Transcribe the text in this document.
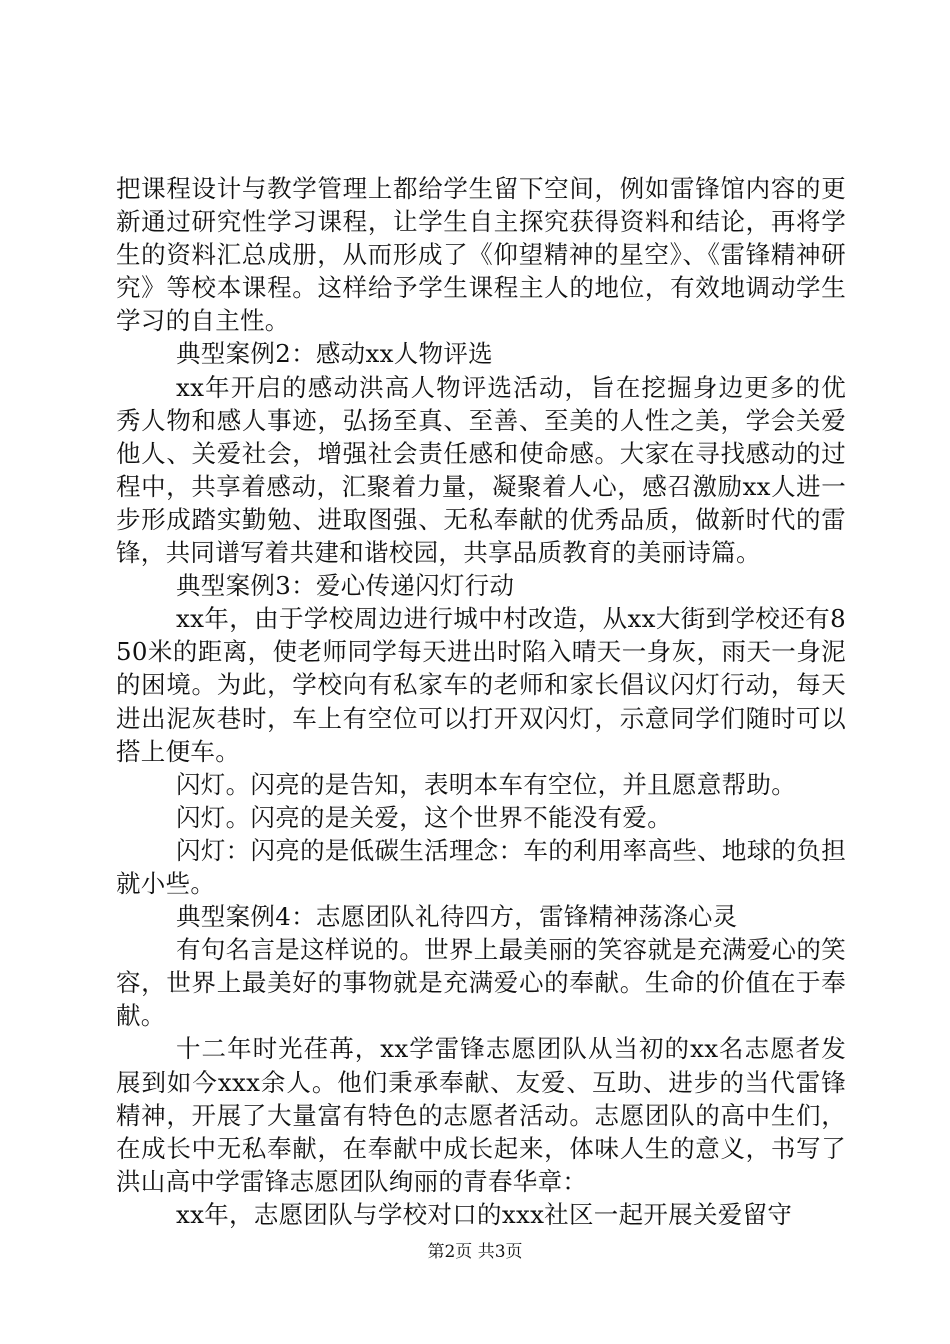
把课程设计与教学管理上都给学生留下空间，例如雷锋馆内容的更新通过研究性学习课程，让学生自主探究获得资料和结论，再将学生的资料汇总成册，从而形成了《仰望精神的星空》、《雷锋精神研究》等校本课程。这样给予学生课程主人的地位，有效地调动学生学习的自主性。

典型案例2：感动xx人物评选

xx年开启的感动洪高人物评选活动，旨在挖掘身边更多的优秀人物和感人事迹，弘扬至真、至善、至美的人性之美，学会关爱他人、关爱社会，增强社会责任感和使命感。大家在寻找感动的过程中，共享着感动，汇聚着力量，凝聚着人心，感召激励xx人进一步形成踏实勤勉、进取图强、无私奉献的优秀品质，做新时代的雷锋，共同谱写着共建和谐校园，共享品质教育的美丽诗篇。

典型案例3：爱心传递闪灯行动

xx年，由于学校周边进行城中村改造，从xx大街到学校还有850米的距离，使老师同学每天进出时陷入晴天一身灰，雨天一身泥的困境。为此，学校向有私家车的老师和家长倡议闪灯行动，每天进出泥灰巷时，车上有空位可以打开双闪灯，示意同学们随时可以搭上便车。

闪灯。闪亮的是告知，表明本车有空位，并且愿意帮助。

闪灯。闪亮的是关爱，这个世界不能没有爱。

闪灯：闪亮的是低碳生活理念：车的利用率高些、地球的负担就小些。

典型案例4：志愿团队礼待四方，雷锋精神荡涤心灵

有句名言是这样说的。世界上最美丽的笑容就是充满爱心的笑容，世界上最美好的事物就是充满爱心的奉献。生命的价值在于奉献。

十二年时光荏苒，xx学雷锋志愿团队从当初的xx名志愿者发展到如今xxx余人。他们秉承奉献、友爱、互助、进步的当代雷锋精神，开展了大量富有特色的志愿者活动。志愿团队的高中生们，在成长中无私奉献，在奉献中成长起来，体味人生的意义，书写了洪山高中学雷锋志愿团队绚丽的青春华章：

xx年，志愿团队与学校对口的xxx社区一起开展关爱留守

第2页 共3页
